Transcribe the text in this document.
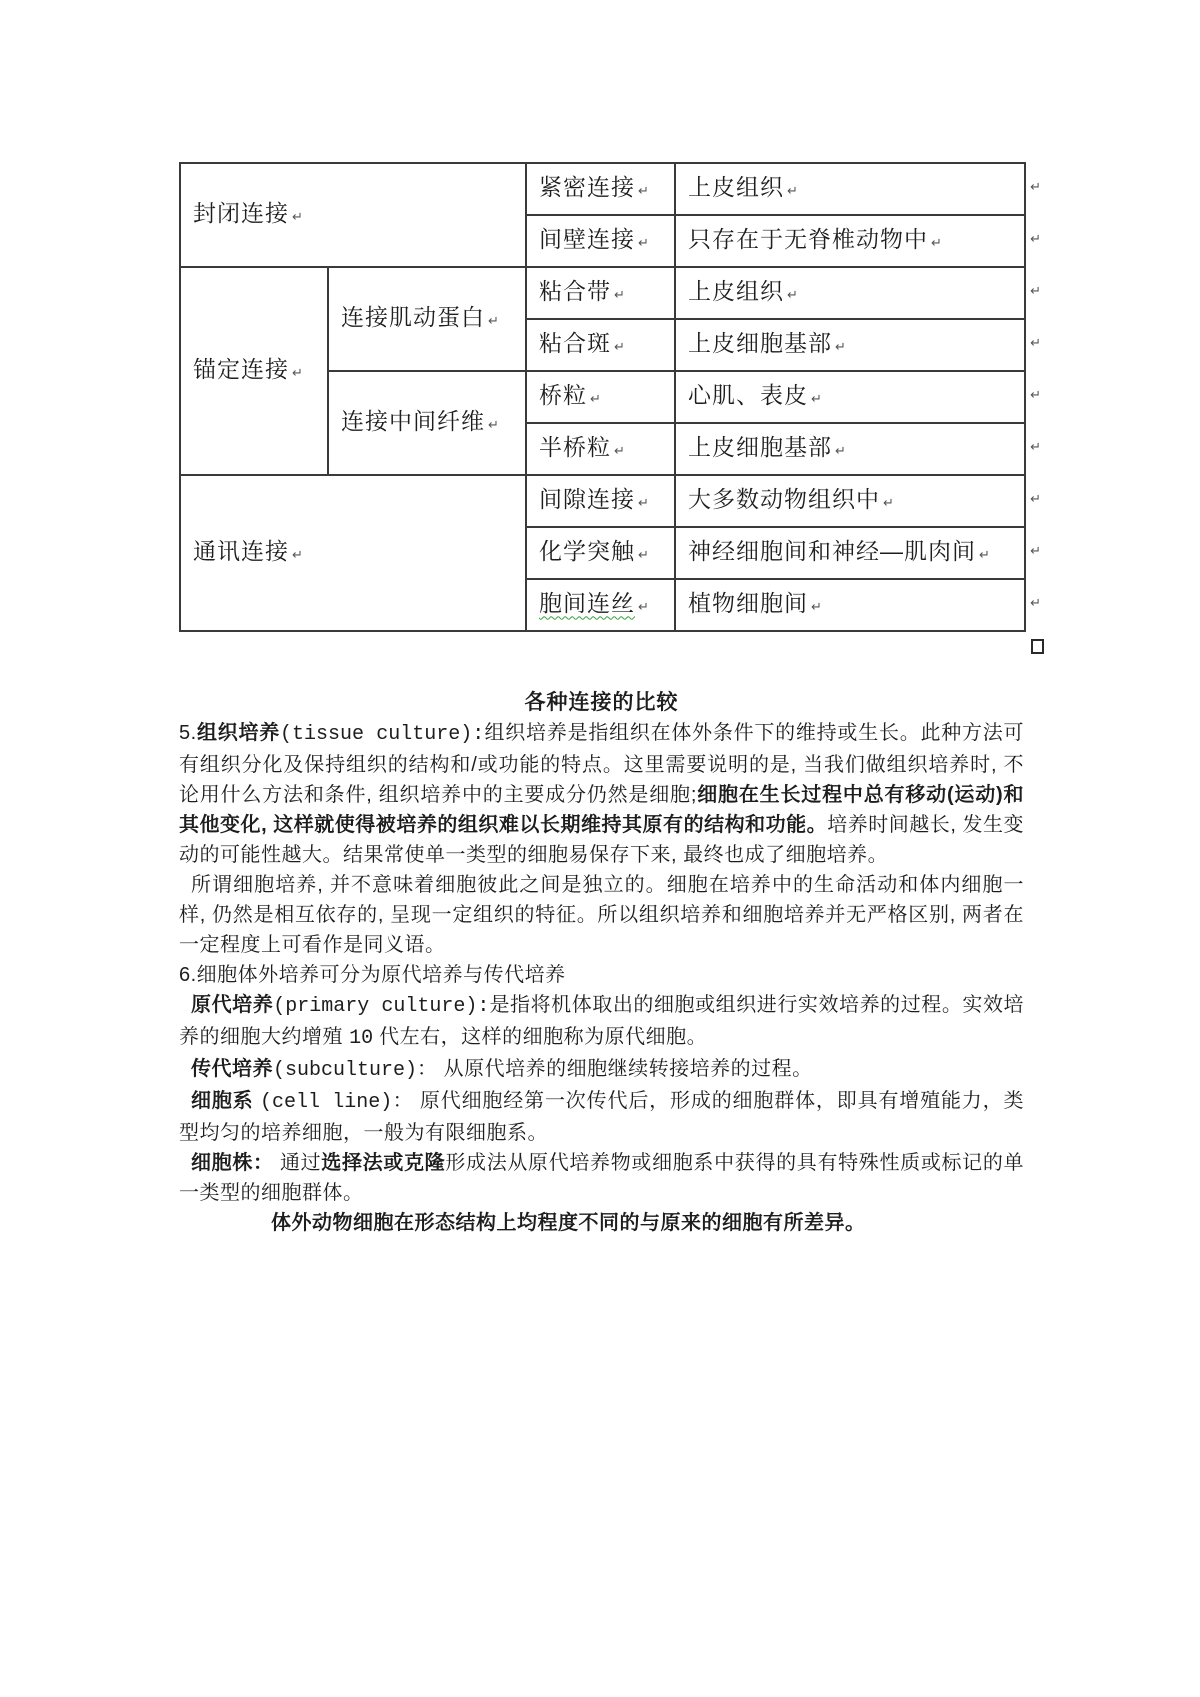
封闭连接 ↵		紧密连接 ↵	上皮组织 ↵
		间壁连接 ↵	只存在于无脊椎动物中 ↵
锚定连接 ↵	连接肌动蛋白 ↵	粘合带 ↵	上皮组织 ↵
		粘合斑 ↵	上皮细胞基部 ↵
	连接中间纤维 ↵	桥粒 ↵	心肌、表皮 ↵
		半桥粒 ↵	上皮细胞基部 ↵
通讯连接 ↵		间隙连接 ↵	大多数动物组织中 ↵
		化学突触 ↵	神经细胞间和神经—肌肉间 ↵
		胞间连丝 ↵	植物细胞间 ↵
↵
↵
↵
↵
↵
↵
↵
↵
↵

各种连接的比较

5.组织培养(tissue culture):组织培养是指组织在体外条件下的维持或生长。此种方法可有组织分化及保持组织的结构和/或功能的特点。这里需要说明的是, 当我们做组织培养时, 不论用什么方法和条件, 组织培养中的主要成分仍然是细胞;细胞在生长过程中总有移动(运动)和其他变化, 这样就使得被培养的组织难以长期维持其原有的结构和功能。培养时间越长, 发生变动的可能性越大。结果常使单一类型的细胞易保存下来, 最终也成了细胞培养。

所谓细胞培养, 并不意味着细胞彼此之间是独立的。细胞在培养中的生命活动和体内细胞一样, 仍然是相互依存的, 呈现一定组织的特征。所以组织培养和细胞培养并无严格区别, 两者在一定程度上可看作是同义语。

6.细胞体外培养可分为原代培养与传代培养

原代培养(primary culture):是指将机体取出的细胞或组织进行实效培养的过程。实效培养的细胞大约增殖 10 代左右，这样的细胞称为原代细胞。

传代培养(subculture)： 从原代培养的细胞继续转接培养的过程。

细胞系 (cell line)： 原代细胞经第一次传代后，形成的细胞群体，即具有增殖能力，类型均匀的培养细胞，一般为有限细胞系。

细胞株： 通过选择法或克隆形成法从原代培养物或细胞系中获得的具有特殊性质或标记的单一类型的细胞群体。

体外动物细胞在形态结构上均程度不同的与原来的细胞有所差异。
